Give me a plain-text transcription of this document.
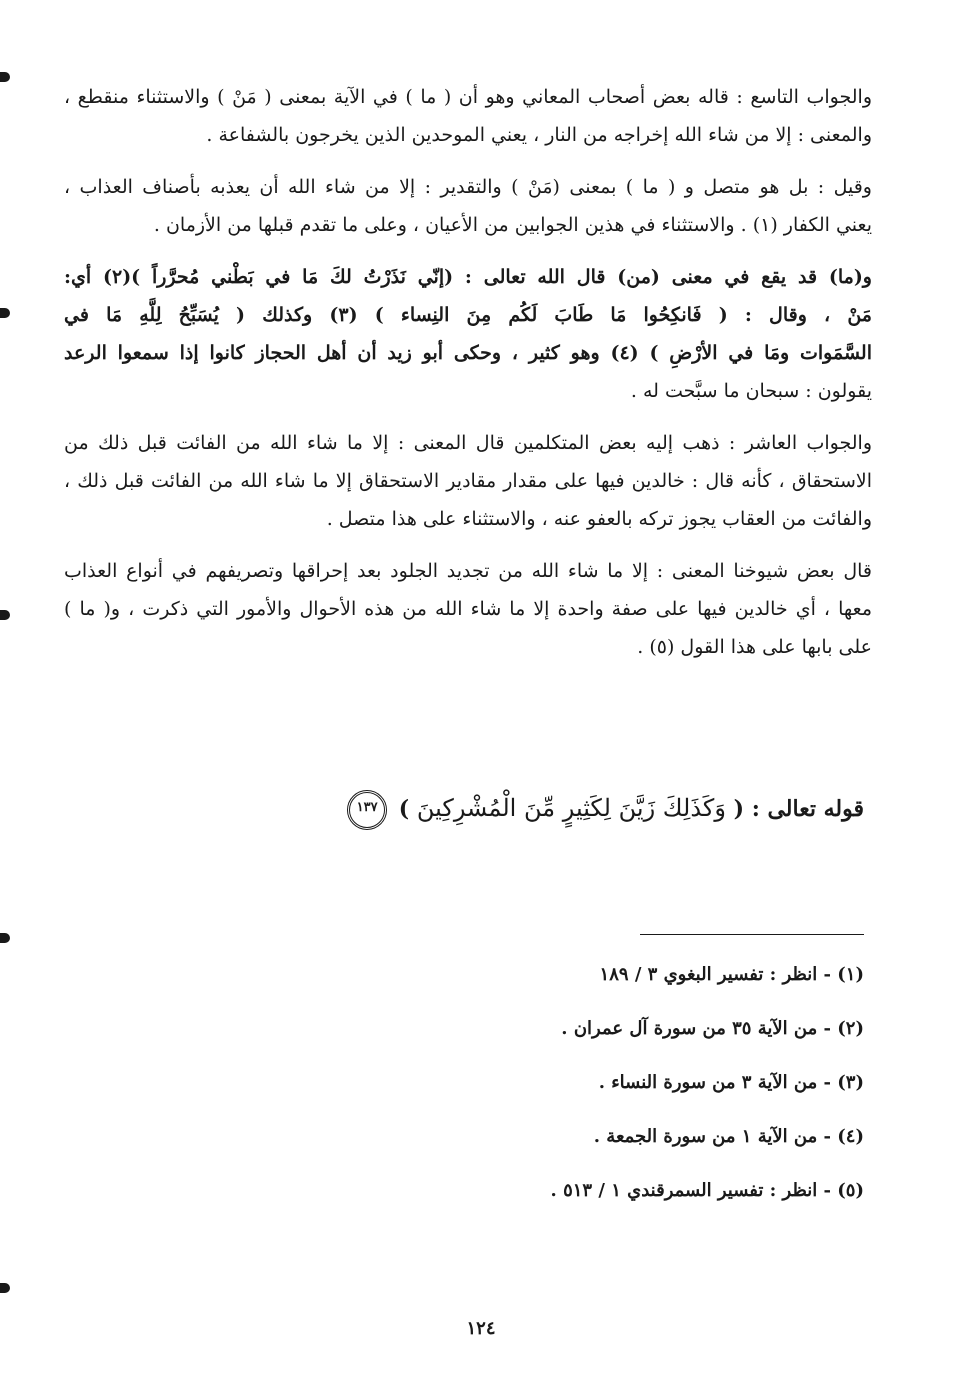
والجواب التاسع : قاله بعض أصحاب المعاني وهو أن ( ما ) في الآية بمعنى ( مَنْ ) والاستثناء منقطع ،
والمعنى : إلا من شاء الله إخراجه من النار ، يعني الموحدين الذين يخرجون بالشفاعة .

وقيل : بل هو متصل و ( ما ) بمعنى (مَنْ ) والتقدير : إلا من شاء الله أن يعذبه بأصناف العذاب ،
يعني الكفار (١) . والاستثناء في هذين الجوابين من الأعيان ، وعلى ما تقدم قبلها من الأزمان .

و(ما) قد يقع في معنى (من) قال الله تعالى : (إنّي نَذَرْتُ لكَ مَا في بَطْني مُحرَّراً )(٢) أي:
مَنْ ، وقال : ( فَانكِحُوا مَا طَابَ لَكُم مِنَ النِساء ) (٣) وكذلك ( يُسَبِّحُ لِلَّهِ مَا في
السَّمَوات ومَا في الأرْضِ ) (٤) وهو كثير ، وحكى أبو زيد أن أهل الحجاز كانوا إذا سمعوا الرعد
يقولون : سبحان ما سبَّحت له .

والجواب العاشر : ذهب إليه بعض المتكلمين قال المعنى : إلا ما شاء الله من الفائت قبل ذلك من
الاستحقاق ، كأنه قال : خالدين فيها على مقدار مقادير الاستحقاق إلا ما شاء الله من الفائت قبل ذلك ،
والفائت من العقاب يجوز تركه بالعفو عنه ، والاستثناء على هذا متصل .

قال بعض شيوخنا المعنى : إلا ما شاء الله من تجديد الجلود بعد إحراقها وتصريفهم في أنواع العذاب
معها ، أي خالدين فيها على صفة واحدة إلا ما شاء الله من هذه الأحوال والأمور التي ذكرت ، و( ما )
على بابها على هذا القول (٥) .

قوله تعالى : ( وَكَذَلِكَ زَيَّنَ لِكَثِيرٍ مِّنَ الْمُشْرِكِينَ ) ١٣٧
(١) - انظر : تفسير البغوي ٣ / ١٨٩
(٢) - من الآية ٣٥ من سورة آل عمران .
(٣) - من الآية ٣ من سورة النساء .
(٤) - من الآية ١ من سورة الجمعة .
(٥) - انظر : تفسير السمرقندي ١ / ٥١٣ .
١٢٤
